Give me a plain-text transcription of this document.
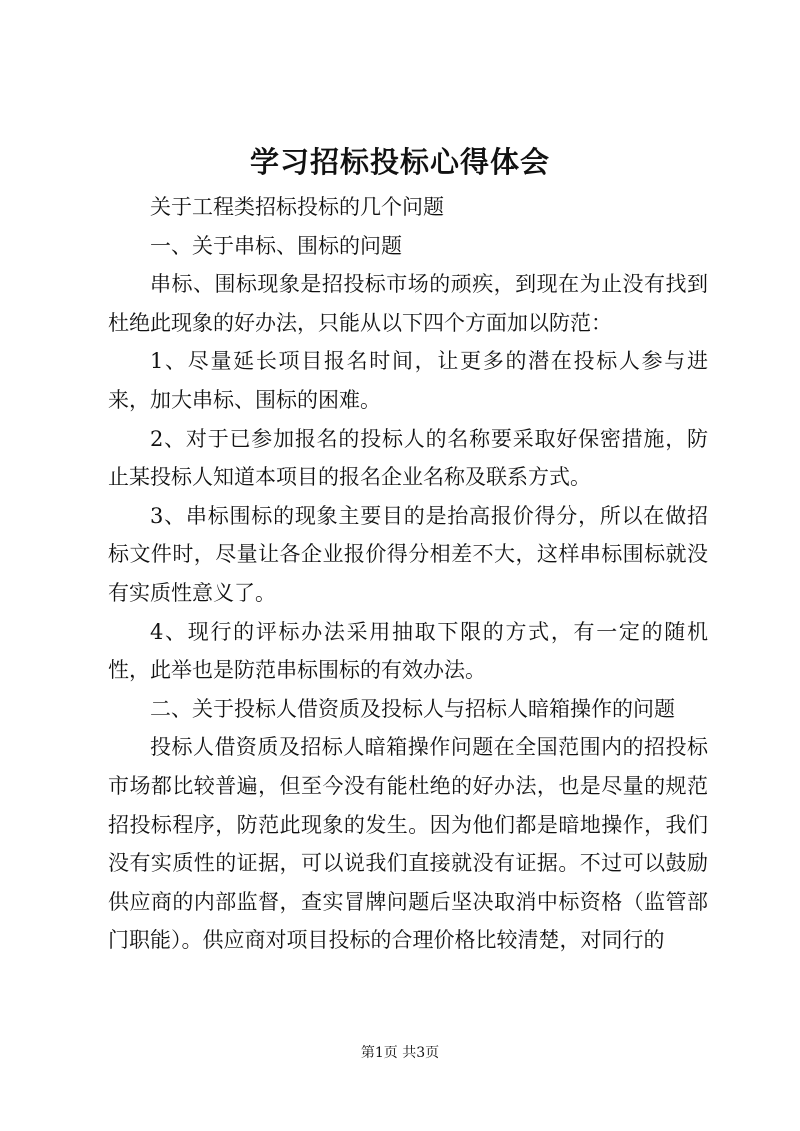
学习招标投标心得体会

关于工程类招标投标的几个问题

一、关于串标、围标的问题

串标、围标现象是招投标市场的顽疾，到现在为止没有找到杜绝此现象的好办法，只能从以下四个方面加以防范：

1、尽量延长项目报名时间，让更多的潜在投标人参与进来，加大串标、围标的困难。

2、对于已参加报名的投标人的名称要采取好保密措施，防止某投标人知道本项目的报名企业名称及联系方式。

3、串标围标的现象主要目的是抬高报价得分，所以在做招标文件时，尽量让各企业报价得分相差不大，这样串标围标就没有实质性意义了。

4、现行的评标办法采用抽取下限的方式，有一定的随机性，此举也是防范串标围标的有效办法。

二、关于投标人借资质及投标人与招标人暗箱操作的问题

投标人借资质及招标人暗箱操作问题在全国范围内的招投标市场都比较普遍，但至今没有能杜绝的好办法，也是尽量的规范招投标程序，防范此现象的发生。因为他们都是暗地操作，我们没有实质性的证据，可以说我们直接就没有证据。不过可以鼓励供应商的内部监督，查实冒牌问题后坚决取消中标资格（监管部门职能）。供应商对项目投标的合理价格比较清楚，对同行的

第1页 共3页
